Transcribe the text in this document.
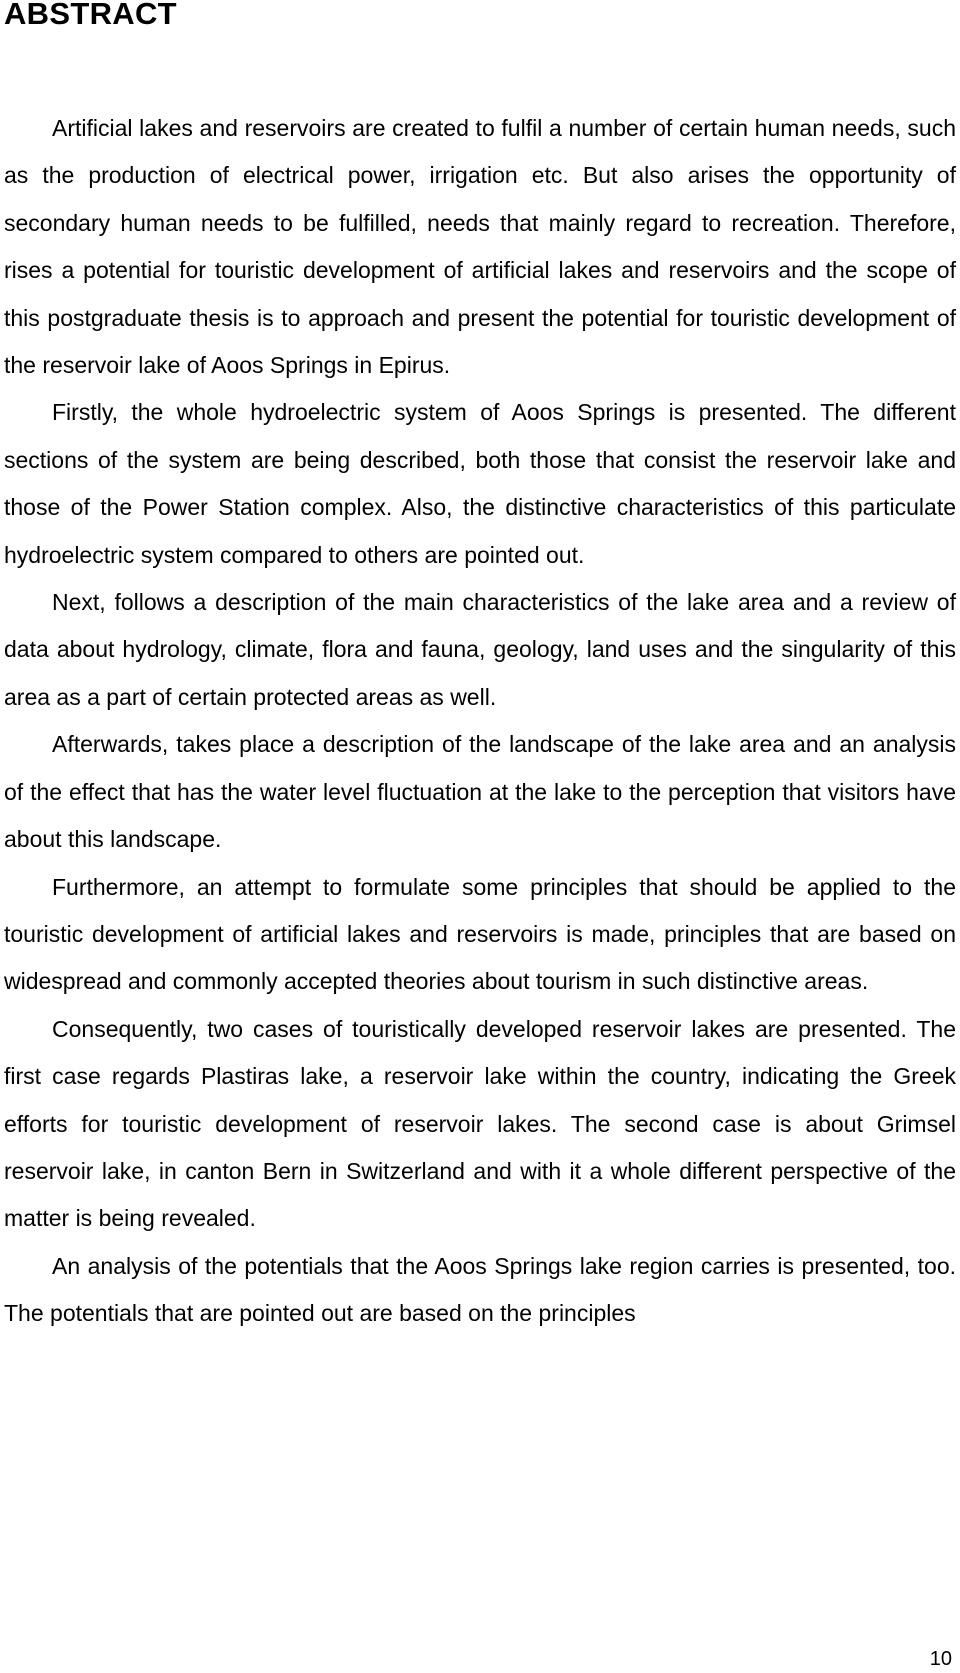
ABSTRACT

Artificial lakes and reservoirs are created to fulfil a number of certain human needs, such as the production of electrical power, irrigation etc. But also arises the opportunity of secondary human needs to be fulfilled, needs that mainly regard to recreation. Therefore, rises a potential for touristic development of artificial lakes and reservoirs and the scope of this postgraduate thesis is to approach and present the potential for touristic development of the reservoir lake of Aoos Springs in Epirus.

Firstly, the whole hydroelectric system of Aoos Springs is presented. The different sections of the system are being described, both those that consist the reservoir lake and those of the Power Station complex. Also, the distinctive characteristics of this particulate hydroelectric system compared to others are pointed out.

Next, follows a description of the main characteristics of the lake area and a review of data about hydrology, climate, flora and fauna, geology, land uses and the singularity of this area as a part of certain protected areas as well.

Afterwards, takes place a description of the landscape of the lake area and an analysis of the effect that has the water level fluctuation at the lake to the perception that visitors have about this landscape.

Furthermore, an attempt to formulate some principles that should be applied to the touristic development of artificial lakes and reservoirs is made, principles that are based on widespread and commonly accepted theories about tourism in such distinctive areas.

Consequently, two cases of touristically developed reservoir lakes are presented. The first case regards Plastiras lake, a reservoir lake within the country, indicating the Greek efforts for touristic development of reservoir lakes. The second case is about Grimsel reservoir lake, in canton Bern in Switzerland and with it a whole different perspective of the matter is being revealed.

An analysis of the potentials that the Aoos Springs lake region carries is presented, too. The potentials that are pointed out are based on the principles

10
